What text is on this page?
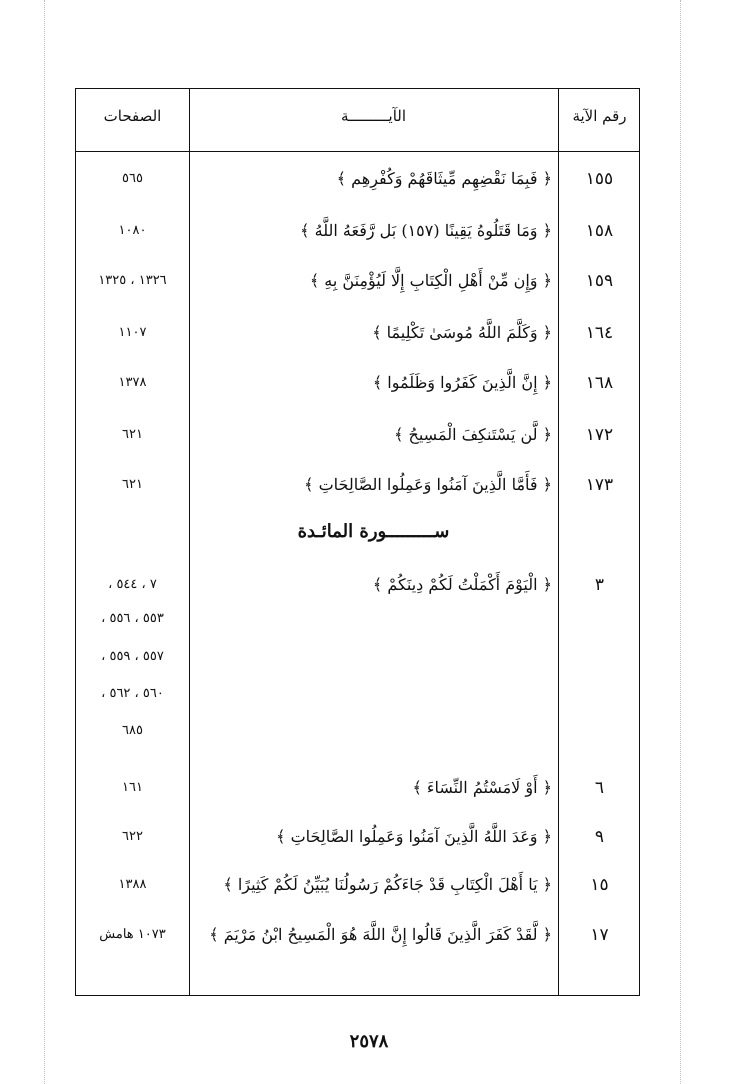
الصفحات	الآيـــــــــة	رقم الآية
١٥٥
﴿ فَبِمَا نَقْضِهِم مِّيثَاقَهُمْ وَكُفْرِهِم ﴾
٥٦٥
١٥٨
﴿ وَمَا قَتَلُوهُ يَقِينًا (١٥٧) بَل رَّفَعَهُ اللَّهُ ﴾
١٠٨٠
١٥٩
﴿ وَإِن مِّنْ أَهْلِ الْكِتَابِ إِلَّا لَيُؤْمِنَنَّ بِهِ ﴾
١٣٢٦ ، ١٣٢٥
١٦٤
﴿ وَكَلَّمَ اللَّهُ مُوسَىٰ تَكْلِيمًا ﴾
١١٠٧
١٦٨
﴿ إِنَّ الَّذِينَ كَفَرُوا وَظَلَمُوا ﴾
١٣٧٨
١٧٢
﴿ لَّن يَسْتَنكِفَ الْمَسِيحُ ﴾
٦٢١
١٧٣
﴿ فَأَمَّا الَّذِينَ آمَنُوا وَعَمِلُوا الصَّالِحَاتِ ﴾
٦٢١
ســـــــــورة المائـدة
٣
﴿ الْيَوْمَ أَكْمَلْتُ لَكُمْ دِينَكُمْ ﴾
٧ ، ٥٤٤ ،
٥٥٣ ، ٥٥٦ ،
٥٥٧ ، ٥٥٩ ،
٥٦٠ ، ٥٦٢ ،
٦٨٥
٦
﴿ أَوْ لَامَسْتُمُ النِّسَاءَ ﴾
١٦١
٩
﴿ وَعَدَ اللَّهُ الَّذِينَ آمَنُوا وَعَمِلُوا الصَّالِحَاتِ ﴾
٦٢٢
١٥
﴿ يَا أَهْلَ الْكِتَابِ قَدْ جَاءَكُمْ رَسُولُنَا يُبَيِّنُ لَكُمْ كَثِيرًا ﴾
١٣٨٨
١٧
﴿ لَّقَدْ كَفَرَ الَّذِينَ قَالُوا إِنَّ اللَّهَ هُوَ الْمَسِيحُ ابْنُ مَرْيَمَ ﴾
١٠٧٣ هامش
٢٥٧٨
